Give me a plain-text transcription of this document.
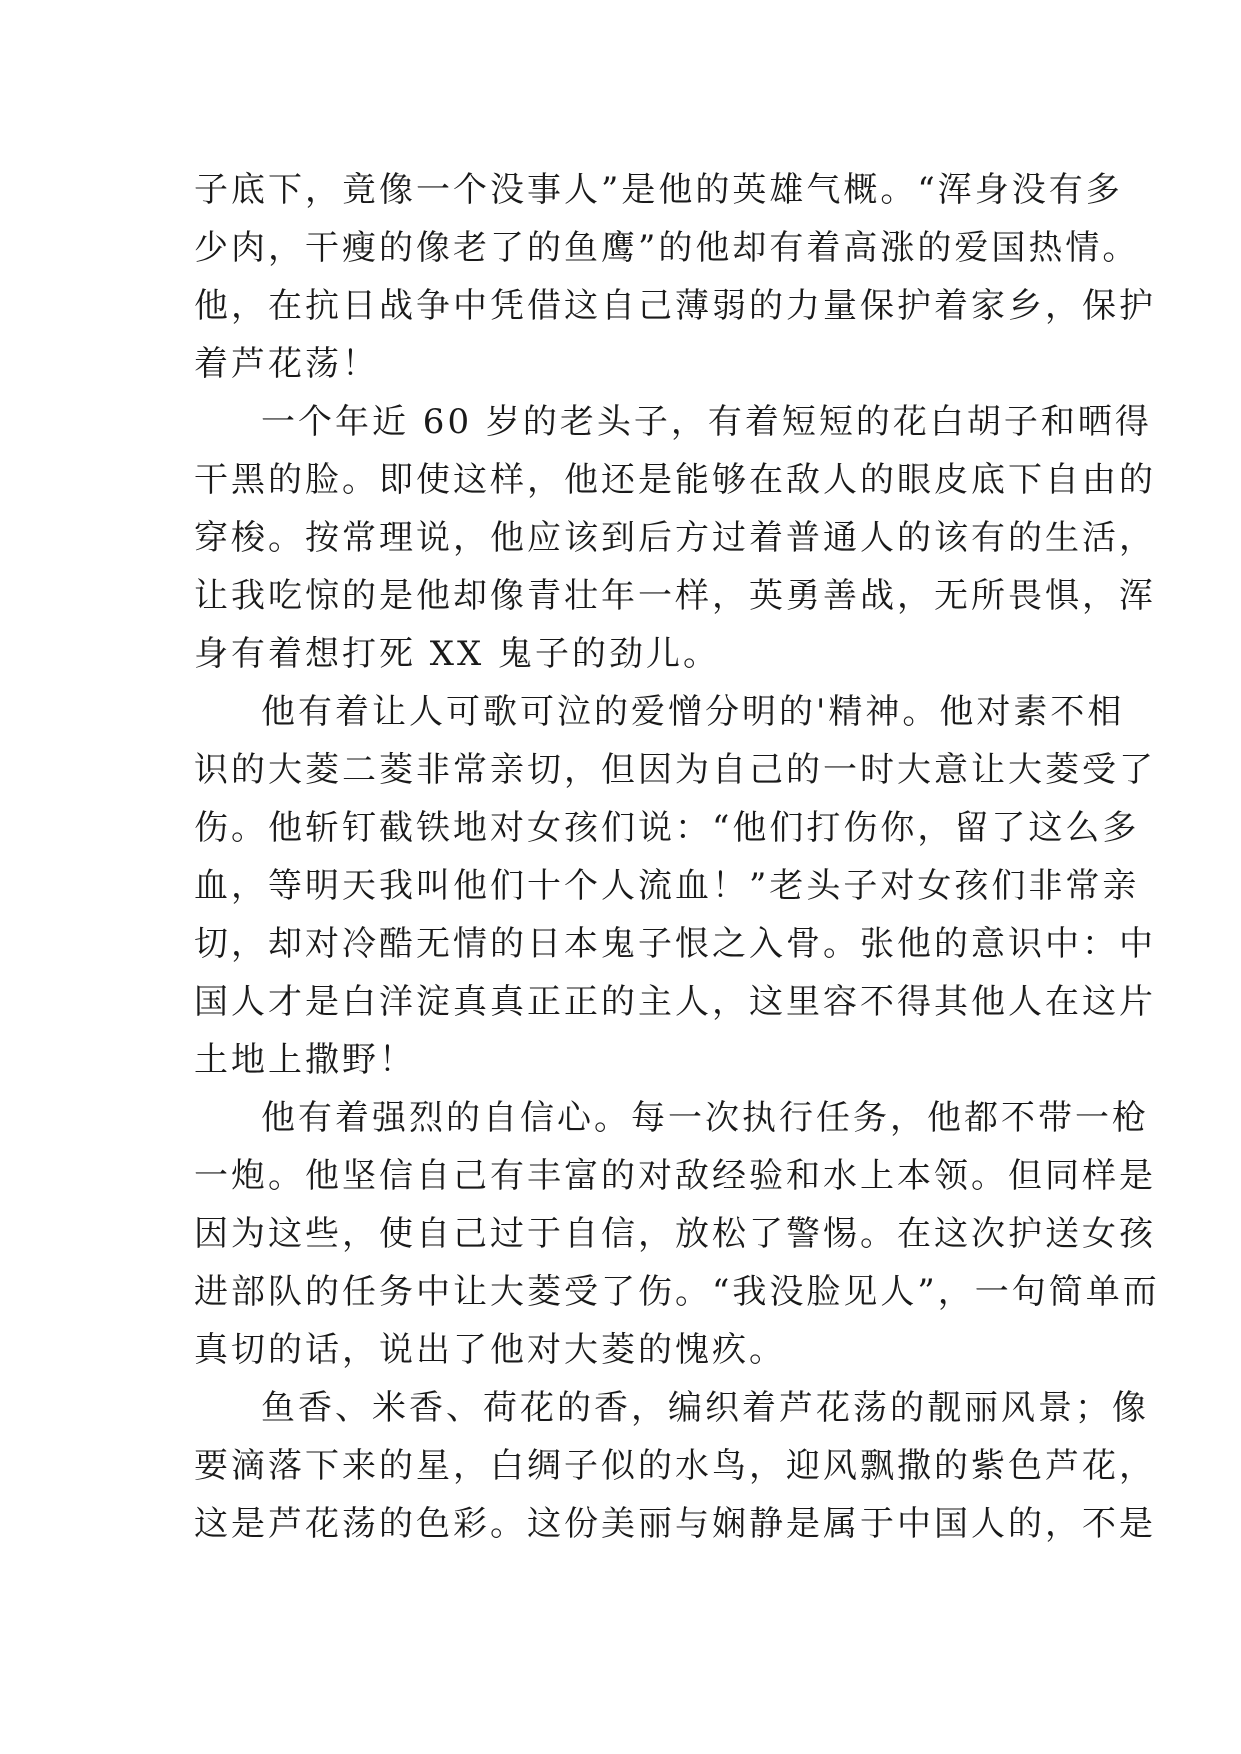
子底下，竟像一个没事人”是他的英雄气概。“浑身没有多
少肉，干瘦的像老了的鱼鹰”的他却有着高涨的爱国热情。
他，在抗日战争中凭借这自己薄弱的力量保护着家乡，保护
着芦花荡！
一个年近 60 岁的老头子，有着短短的花白胡子和晒得
干黑的脸。即使这样，他还是能够在敌人的眼皮底下自由的
穿梭。按常理说，他应该到后方过着普通人的该有的生活，
让我吃惊的是他却像青壮年一样，英勇善战，无所畏惧，浑
身有着想打死 XX 鬼子的劲儿。
他有着让人可歌可泣的爱憎分明的'精神。他对素不相
识的大菱二菱非常亲切，但因为自己的一时大意让大菱受了
伤。他斩钉截铁地对女孩们说：“他们打伤你，留了这么多
血，等明天我叫他们十个人流血！”老头子对女孩们非常亲
切，却对冷酷无情的日本鬼子恨之入骨。张他的意识中：中
国人才是白洋淀真真正正的主人，这里容不得其他人在这片
土地上撒野！
他有着强烈的自信心。每一次执行任务，他都不带一枪
一炮。他坚信自己有丰富的对敌经验和水上本领。但同样是
因为这些，使自己过于自信，放松了警惕。在这次护送女孩
进部队的任务中让大菱受了伤。“我没脸见人”，一句简单而
真切的话，说出了他对大菱的愧疚。
鱼香、米香、荷花的香，编织着芦花荡的靓丽风景；像
要滴落下来的星，白绸子似的水鸟，迎风飘撒的紫色芦花，
这是芦花荡的色彩。这份美丽与娴静是属于中国人的，不是
